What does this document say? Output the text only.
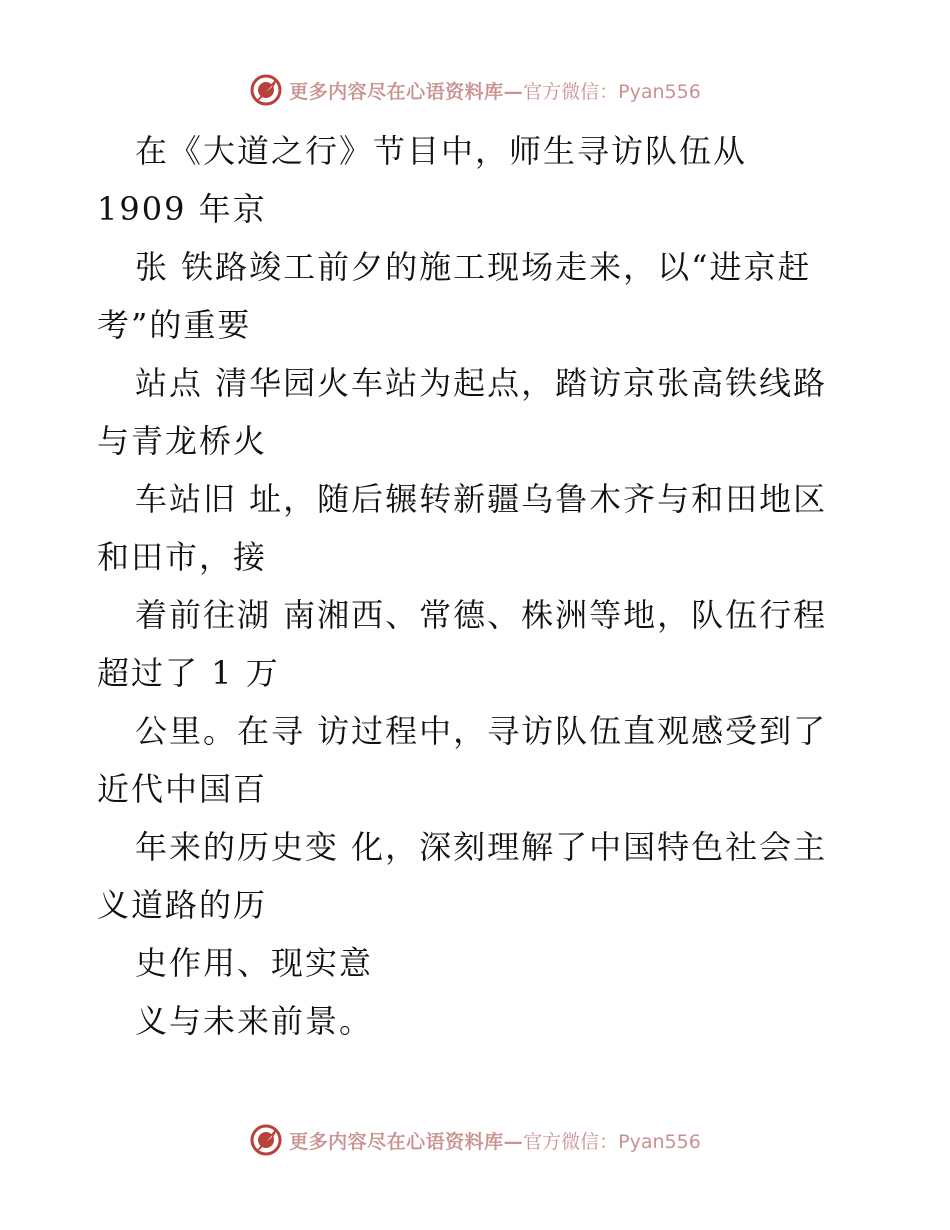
更多内容尽在心语资料库— 官方微信：Pyan556

在《大道之行》节目中，师生寻访队伍从 1909 年京

张 铁路竣工前夕的施工现场走来，以“进京赶考”的重要

站点 清华园火车站为起点，踏访京张高铁线路与青龙桥火

车站旧 址，随后辗转新疆乌鲁木齐与和田地区和田市，接

着前往湖 南湘西、常德、株洲等地，队伍行程超过了 1 万

公里。在寻 访过程中，寻访队伍直观感受到了近代中国百

年来的历史变 化，深刻理解了中国特色社会主义道路的历

史作用、现实意

义与未来前景。

更多内容尽在心语资料库— 官方微信：Pyan556
